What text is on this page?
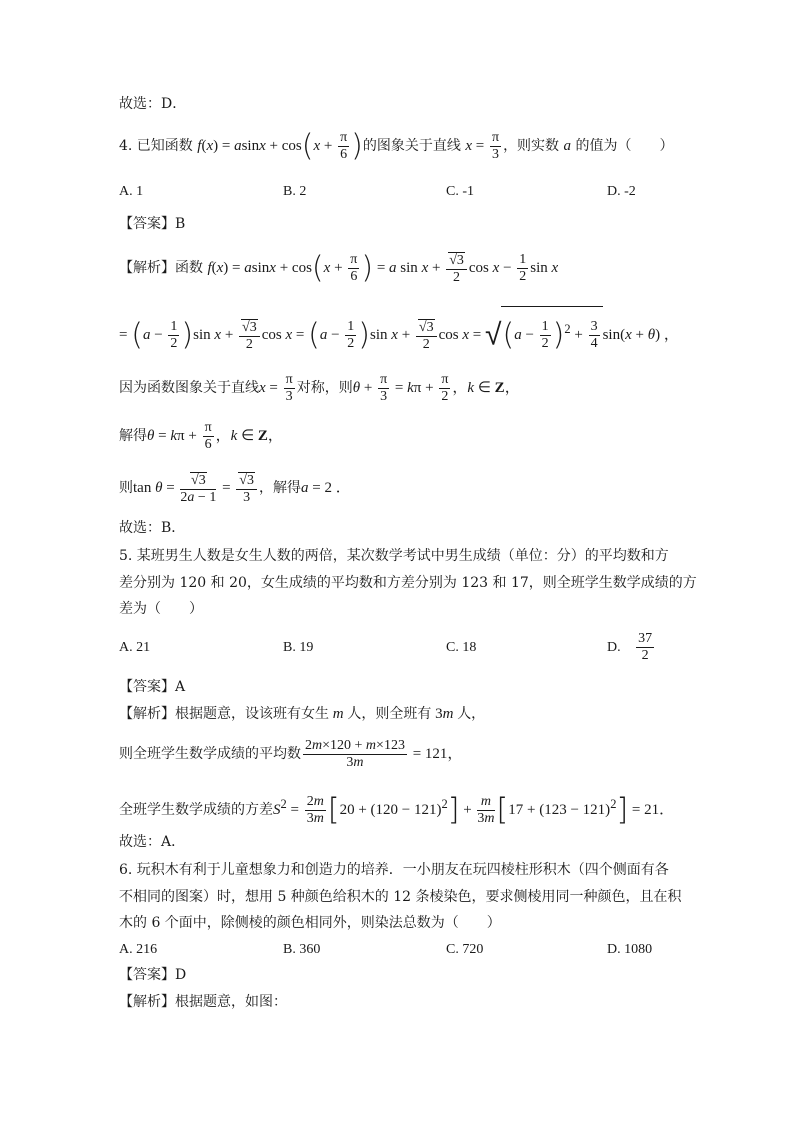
故选：D．
4. 已知函数 $f(x) = asinx + \cos(x + \frac{\pi}{6}$ )的图象关于直线 $x = \frac{\pi}{3}$ ，则实数 a 的值为（　　）
A. 1	B. 2	C. -1	D. -2
【答案】B
【解析】函数 $f(x) = asinx + \cos(x + \frac{\pi}{6}$ ) = a $\sin x + \frac{√3}{2}$ $\cos x - \frac{1}{2}$ sin x
= $(a - \frac{1}{2} )\sin$ $x + \frac{√3}{2}$ $\cos x = (a - \frac{1}{2} )\sin$ $x + \frac{√3}{2}$ $\cos x = √(a - \frac{1}{2} )^2 + \frac{3}{4} \sin(x + \theta)$ ，
因为函数图象关于直线$x = \frac{\pi}{3}$ 对称，则$\theta + \frac{\pi}{3} = k\pi + \frac{\pi}{2}$ ，k ∈ Z，
解得$\theta = k\pi + \frac{\pi}{6}$ ，k ∈ Z，
则$\tan \theta = \frac{√3}{2a - 1} = \frac{√3}{3}$ ，解得a = 2 ．
故选：B．
5. 某班男生人数是女生人数的两倍，某次数学考试中男生成绩（单位：分）的平均数和方
差分别为 120 和 20，女生成绩的平均数和方差分别为 123 和 17，则全班学生数学成绩的方
差为（　　）
A. 21	B. 19	C. 18	D. $\frac{37}{2}$
【答案】A
【解析】根据题意，设该班有女生 m 人，则全班有 3m 人，
则全班学生数学成绩的平均数 $\frac{2m\times 120 + m\times 123}{3m} = 121$，
全班学生数学成绩的方差$S^2 = \frac{2m}{3m} [20 + (120 - 121)^2] + \frac{m}{3m} [17 + (123 - 121)^2] = 21$．
故选：A．
6. 玩积木有利于儿童想象力和创造力的培养．一小朋友在玩四棱柱形积木（四个侧面有各
不相同的图案）时，想用 5 种颜色给积木的 12 条棱染色，要求侧棱用同一种颜色，且在积
木的 6 个面中，除侧棱的颜色相同外，则染法总数为（　　）
A. 216	B. 360	C. 720	D. 1080
【答案】D
【解析】根据题意，如图：
